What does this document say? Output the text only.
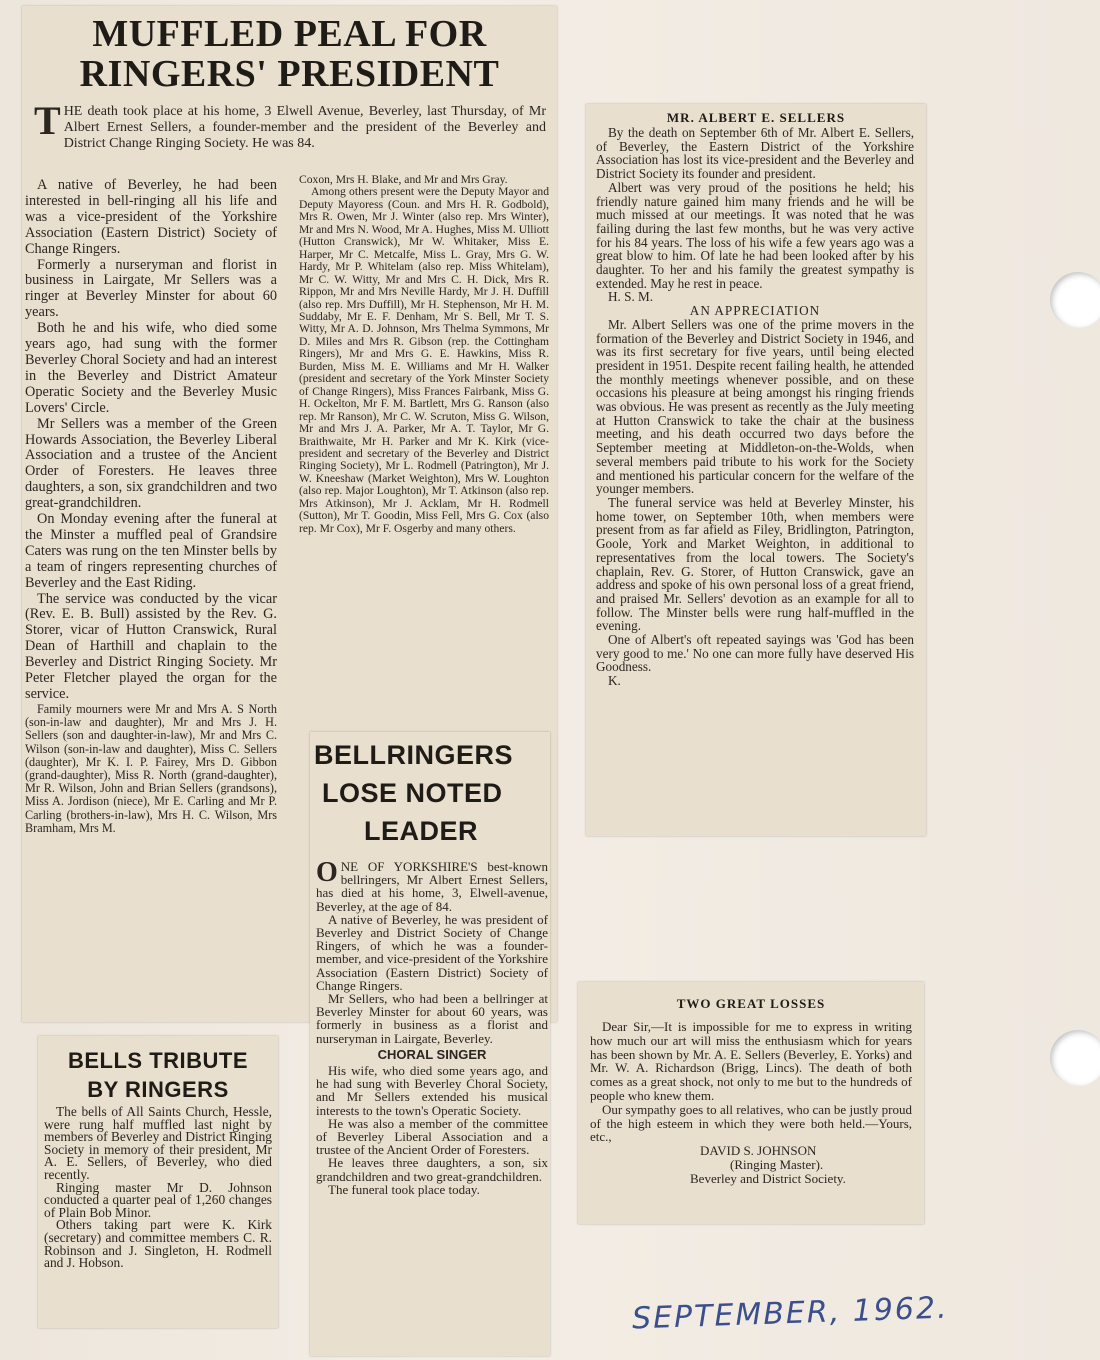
MUFFLED PEAL FOR
RINGERS' PRESIDENT
THE death took place at his home, 3 Elwell Avenue, Beverley, last Thursday, of Mr Albert Ernest Sellers, a founder-member and the president of the Beverley and District Change Ringing Society. He was 84.

A native of Beverley, he had been interested in bell-ringing all his life and was a vice-president of the Yorkshire Association (Eastern District) Society of Change Ringers.

Formerly a nurseryman and florist in business in Lairgate, Mr Sellers was a ringer at Beverley Minster for about 60 years.

Both he and his wife, who died some years ago, had sung with the former Beverley Choral Society and had an interest in the Beverley and District Amateur Operatic Society and the Beverley Music Lovers' Circle.

Mr Sellers was a member of the Green Howards Association, the Beverley Liberal Association and a trustee of the Ancient Order of Foresters. He leaves three daughters, a son, six grandchildren and two great-grandchildren.

On Monday evening after the funeral at the Minster a muffled peal of Grandsire Caters was rung on the ten Minster bells by a team of ringers representing churches of Beverley and the East Riding.

The service was conducted by the vicar (Rev. E. B. Bull) assisted by the Rev. G. Storer, vicar of Hutton Cranswick, Rural Dean of Harthill and chaplain to the Beverley and District Ringing Society. Mr Peter Fletcher played the organ for the service.

Family mourners were Mr and Mrs A. S North (son-in-law and daughter), Mr and Mrs J. H. Sellers (son and daughter-in-law), Mr and Mrs C. Wilson (son-in-law and daughter), Miss C. Sellers (daughter), Mr K. I. P. Fairey, Mrs D. Gibbon (grand-daughter), Miss R. North (grand-daughter), Mr R. Wilson, John and Brian Sellers (grandsons), Miss A. Jordison (niece), Mr E. Carling and Mr P. Carling (brothers-in-law), Mrs H. C. Wilson, Mrs Bramham, Mrs M.

Coxon, Mrs H. Blake, and Mr and Mrs Gray.

Among others present were the Deputy Mayor and Deputy Mayoress (Coun. and Mrs H. R. Godbold), Mrs R. Owen, Mr J. Winter (also rep. Mrs Winter), Mr and Mrs N. Wood, Mr A. Hughes, Miss M. Ulliott (Hutton Cranswick), Mr W. Whitaker, Miss E. Harper, Mr C. Metcalfe, Miss L. Gray, Mrs G. W. Hardy, Mr P. Whitelam (also rep. Miss Whitelam), Mr C. W. Witty, Mr and Mrs C. H. Dick, Mrs R. Rippon, Mr and Mrs Neville Hardy, Mr J. H. Duffill (also rep. Mrs Duffill), Mr H. Stephenson, Mr H. M. Suddaby, Mr E. F. Denham, Mr S. Bell, Mr T. S. Witty, Mr A. D. Johnson, Mrs Thelma Symmons, Mr D. Miles and Mrs R. Gibson (rep. the Cottingham Ringers), Mr and Mrs G. E. Hawkins, Miss R. Burden, Miss M. E. Williams and Mr H. Walker (president and secretary of the York Minster Society of Change Ringers), Miss Frances Fairbank, Miss G. H. Ockelton, Mr F. M. Bartlett, Mrs G. Ranson (also rep. Mr Ranson), Mr C. W. Scruton, Miss G. Wilson, Mr and Mrs J. A. Parker, Mr A. T. Taylor, Mr G. Braithwaite, Mr H. Parker and Mr K. Kirk (vice-president and secretary of the Beverley and District Ringing Society), Mr L. Rodmell (Patrington), Mr J. W. Kneeshaw (Market Weighton), Mrs W. Loughton (also rep. Major Loughton), Mr T. Atkinson (also rep. Mrs Atkinson), Mr J. Acklam, Mr H. Rodmell (Sutton), Mr T. Goodin, Miss Fell, Mrs G. Cox (also rep. Mr Cox), Mr F. Osgerby and many others.

MR. ALBERT E. SELLERS

By the death on September 6th of Mr. Albert E. Sellers, of Beverley, the Eastern District of the Yorkshire Association has lost its vice-president and the Beverley and District Society its founder and president.

Albert was very proud of the positions he held; his friendly nature gained him many friends and he will be much missed at our meetings. It was noted that he was failing during the last few months, but he was very active for his 84 years. The loss of his wife a few years ago was a great blow to him. Of late he had been looked after by his daughter. To her and his family the greatest sympathy is extended. May he rest in peace.

H. S. M.

AN APPRECIATION

Mr. Albert Sellers was one of the prime movers in the formation of the Beverley and District Society in 1946, and was its first secretary for five years, until being elected president in 1951. Despite recent failing health, he attended the monthly meetings whenever possible, and on these occasions his pleasure at being amongst his ringing friends was obvious. He was present as recently as the July meeting at Hutton Cranswick to take the chair at the business meeting, and his death occurred two days before the September meeting at Middleton-on-the-Wolds, when several members paid tribute to his work for the Society and mentioned his particular concern for the welfare of the younger members.

The funeral service was held at Beverley Minster, his home tower, on September 10th, when members were present from as far afield as Filey, Bridlington, Patrington, Goole, York and Market Weighton, in additional to representatives from the local towers. The Society's chaplain, Rev. G. Storer, of Hutton Cranswick, gave an address and spoke of his own personal loss of a great friend, and praised Mr. Sellers' devotion as an example for all to follow. The Minster bells were rung half-muffled in the evening.

One of Albert's oft repeated sayings was 'God has been very good to me.' No one can more fully have deserved His Goodness.

K.

BELLRINGERS
LOSE NOTED
LEADER

ONE OF YORKSHIRE'S best-known bellringers, Mr Albert Ernest Sellers, has died at his home, 3, Elwell-avenue, Beverley, at the age of 84.

A native of Beverley, he was president of Beverley and District Society of Change Ringers, of which he was a founder-member, and vice-president of the Yorkshire Association (Eastern District) Society of Change Ringers.

Mr Sellers, who had been a bellringer at Beverley Minster for about 60 years, was formerly in business as a florist and nurseryman in Lairgate, Beverley.

CHORAL SINGER

His wife, who died some years ago, and he had sung with Beverley Choral Society, and Mr Sellers extended his musical interests to the town's Operatic Society.

He was also a member of the committee of Beverley Liberal Association and a trustee of the Ancient Order of Foresters.

He leaves three daughters, a son, six grandchildren and two great-grandchildren.

The funeral took place today.

BELLS TRIBUTE
BY RINGERS

The bells of All Saints Church, Hessle, were rung half muffled last night by members of Beverley and District Ringing Society in memory of their president, Mr A. E. Sellers, of Beverley, who died recently.

Ringing master Mr D. Johnson conducted a quarter peal of 1,260 changes of Plain Bob Minor.

Others taking part were K. Kirk (secretary) and committee members C. R. Robinson and J. Singleton, H. Rodmell and J. Hobson.

TWO GREAT LOSSES

Dear Sir,—It is impossible for me to express in writing how much our art will miss the enthusiasm which for years has been shown by Mr. A. E. Sellers (Beverley, E. Yorks) and Mr. W. A. Richardson (Brigg, Lincs). The death of both comes as a great shock, not only to me but to the hundreds of people who knew them.

Our sympathy goes to all relatives, who can be justly proud of the high esteem in which they were both held.—Yours, etc.,

DAVID S. JOHNSON

(Ringing Master).

Beverley and District Society.

SEPTEMBER, 1962.
